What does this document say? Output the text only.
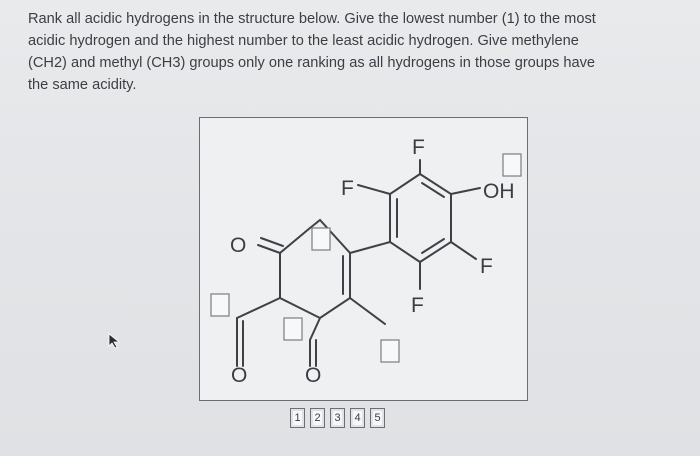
Rank all acidic hydrogens in the structure below. Give the lowest number (1) to the most
acidic hydrogen and the highest number to the least acidic hydrogen. Give methylene
(CH2) and methyl (CH3) groups only one ranking as all hydrogens in those groups have
the same acidity.
F
F	OH
F
F
O
O	O
1	2	3	4	5
